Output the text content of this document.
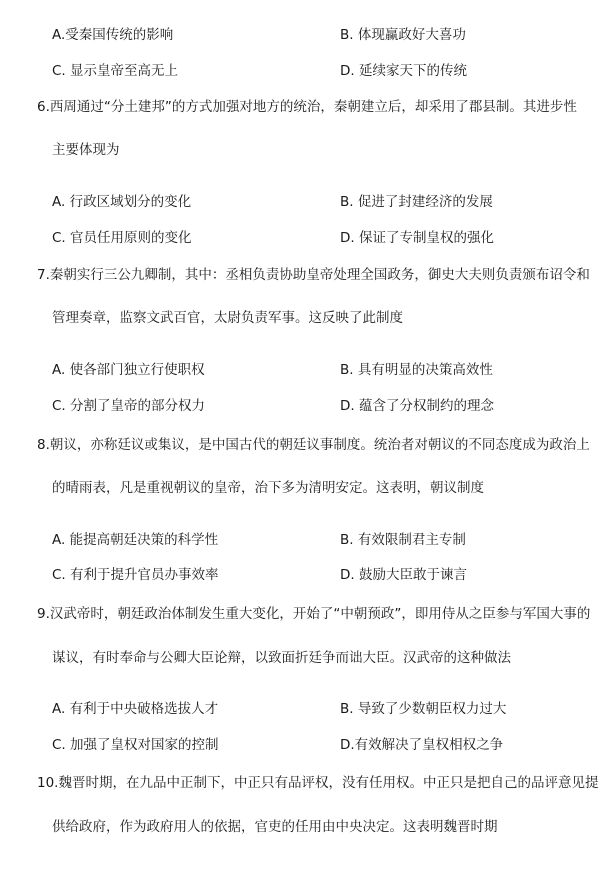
A.受秦国传统的影响	B. 体现赢政好大喜功
C. 显示皇帝至高无上	D. 延续家天下的传统
6.西周通过“分土建邦”的方式加强对地方的统治，秦朝建立后，却采用了郡县制。其进步性
主要体现为
A. 行政区域划分的变化	B. 促进了封建经济的发展
C. 官员任用原则的变化	D. 保证了专制皇权的强化
7.秦朝实行三公九卿制，其中：丞相负责协助皇帝处理全国政务，御史大夫则负责颁布诏令和
管理奏章，监察文武百官，太尉负责军事。这反映了此制度
A. 使各部门独立行使职权	B. 具有明显的决策高效性
C. 分割了皇帝的部分权力	D. 蕴含了分权制约的理念
8.朝议，亦称廷议或集议，是中国古代的朝廷议事制度。统治者对朝议的不同态度成为政治上
的晴雨表，凡是重视朝议的皇帝，治下多为清明安定。这表明，朝议制度
A. 能提高朝廷决策的科学性	B. 有效限制君主专制
C. 有利于提升官员办事效率	D. 鼓励大臣敢于谏言
9.汉武帝时，朝廷政治体制发生重大变化，开始了“中朝预政”，即用侍从之臣参与军国大事的
谋议，有时奉命与公卿大臣论辩，以致面折廷争而诎大臣。汉武帝的这种做法
A. 有利于中央破格选拔人才	B. 导致了少数朝臣权力过大
C. 加强了皇权对国家的控制	D.有效解决了皇权相权之争
10.魏晋时期，在九品中正制下，中正只有品评权，没有任用权。中正只是把自己的品评意见提
供给政府，作为政府用人的依据，官吏的任用由中央决定。这表明魏晋时期
